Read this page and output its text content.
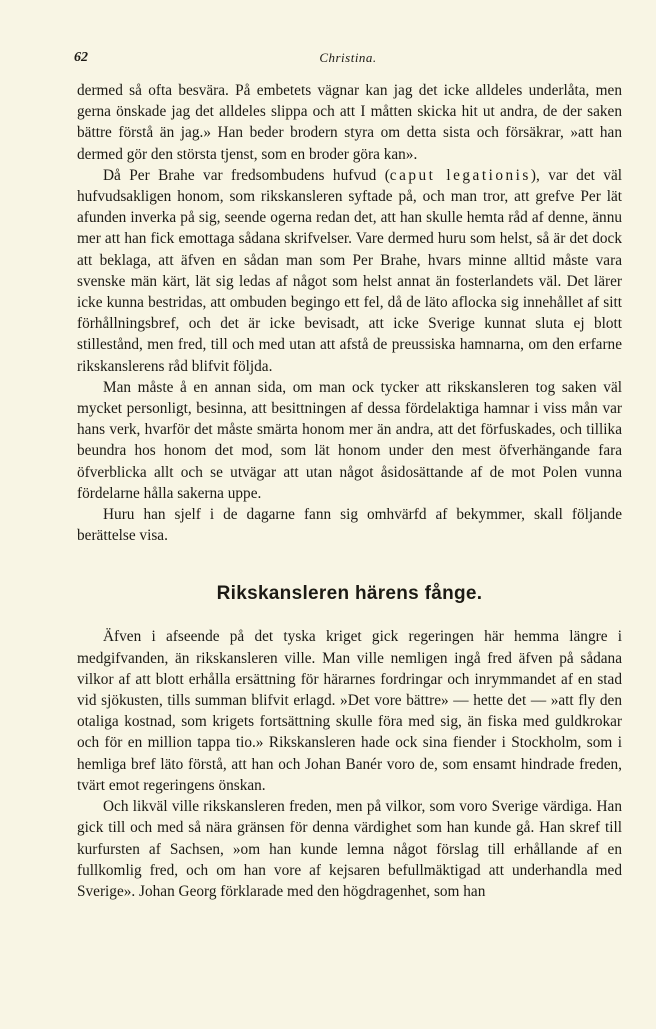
62	Christina.

dermed så ofta besvära. På embetets vägnar kan jag det icke alldeles underlåta, men gerna önskade jag det alldeles slippa och att I måtten skicka hit ut andra, de der saken bättre förstå än jag.» Han beder brodern styra om detta sista och försäkrar, »att han dermed gör den största tjenst, som en broder göra kan».

Då Per Brahe var fredsombudens hufvud (caput legationis), var det väl hufvudsakligen honom, som rikskansleren syftade på, och man tror, att grefve Per lät afunden inverka på sig, seende ogerna redan det, att han skulle hemta råd af denne, ännu mer att han fick emottaga sådana skrifvelser. Vare dermed huru som helst, så är det dock att beklaga, att äfven en sådan man som Per Brahe, hvars minne alltid måste vara svenske män kärt, lät sig ledas af något som helst annat än fosterlandets väl. Det lärer icke kunna bestridas, att ombuden begingo ett fel, då de läto aflocka sig innehållet af sitt förhållningsbref, och det är icke bevisadt, att icke Sverige kunnat sluta ej blott stillestånd, men fred, till och med utan att afstå de preussiska hamnarna, om den erfarne rikskanslerens råd blifvit följda.

Man måste å en annan sida, om man ock tycker att rikskansleren tog saken väl mycket personligt, besinna, att besittningen af dessa fördelaktiga hamnar i viss mån var hans verk, hvarför det måste smärta honom mer än andra, att det förfuskades, och tillika beundra hos honom det mod, som lät honom under den mest öfverhängande fara öfverblicka allt och se utvägar att utan något åsidosättande af de mot Polen vunna fördelarne hålla sakerna uppe.

Huru han sjelf i de dagarne fann sig omhvärfd af bekymmer, skall följande berättelse visa.

Rikskansleren härens fånge.

Äfven i afseende på det tyska kriget gick regeringen här hemma längre i medgifvanden, än rikskansleren ville. Man ville nemligen ingå fred äfven på sådana vilkor af att blott erhålla ersättning för härarnes fordringar och inrymmandet af en stad vid sjökusten, tills summan blifvit erlagd. »Det vore bättre» — hette det — »att fly den otaliga kostnad, som krigets fortsättning skulle föra med sig, än fiska med guldkrokar och för en million tappa tio.» Rikskansleren hade ock sina fiender i Stockholm, som i hemliga bref läto förstå, att han och Johan Banér voro de, som ensamt hindrade freden, tvärt emot regeringens önskan.

Och likväl ville rikskansleren freden, men på vilkor, som voro Sverige värdiga. Han gick till och med så nära gränsen för denna värdighet som han kunde gå. Han skref till kurfursten af Sachsen, »om han kunde lemna något förslag till erhållande af en fullkomlig fred, och om han vore af kejsaren befullmäktigad att underhandla med Sverige». Johan Georg förklarade med den högdragenhet, som han
